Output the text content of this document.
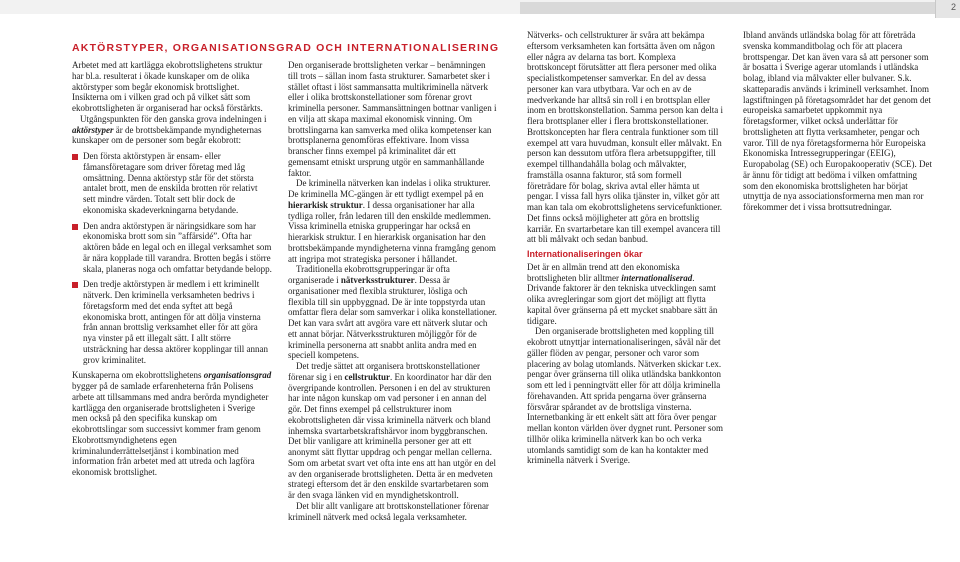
2
AKTÖRSTYPER, ORGANISATIONSGRAD OCH INTERNATIONALISERING

Arbetet med att kartlägga ekobrottslighetens struktur har bl.a. resulterat i ökade kunskaper om de olika aktörstyper som begår ekonomisk brottslighet. Insikterna om i vilken grad och på vilket sätt som ekobrottsligheten är organiserad har också förstärkts.

Utgångspunkten för den ganska grova indelningen i aktörstyper är de brottsbekämpande myndigheternas kunskaper om de personer som begår ekobrott:

Den första aktörstypen är ensam- eller fåmansföretagare som driver företag med låg omsättning. Denna aktörstyp står för det största antalet brott, men de enskilda brotten rör relativt sett mindre värden. Totalt sett blir dock de ekonomiska skadeverkningarna betydande.

Den andra aktörstypen är näringsidkare som har ekonomiska brott som sin ”affärsidé”. Ofta har aktören både en legal och en illegal verksamhet som är nära kopplade till varandra. Brotten begås i större skala, planeras noga och omfattar betydande belopp.

Den tredje aktörstypen är medlem i ett kriminellt nätverk. Den kriminella verksamheten bedrivs i företagsform med det enda syftet att begå ekonomiska brott, antingen för att dölja vinsterna från annan brottslig verksamhet eller för att göra nya vinster på ett illegalt sätt. I allt större utsträckning har dessa aktörer kopplingar till annan grov kriminalitet.

Kunskaperna om ekobrottslighetens organisationsgrad bygger på de samlade erfarenheterna från Polisens arbete att tillsammans med andra berörda myndigheter kartlägga den organiserade brottsligheten i Sverige men också på den specifika kunskap om ekobrottslingar som successivt kommer fram genom Ekobrottsmyndighetens egen kriminalunderrättelsetjänst i kombination med information från arbetet med att utreda och lagföra ekonomisk brottslighet.

Den organiserade brottsligheten verkar – benämningen till trots – sällan inom fasta strukturer. Samarbetet sker i stället oftast i löst sammansatta multikriminella nätverk eller i olika brottskonstellationer som förenar grovt kriminella personer. Sammansättningen bottnar vanligen i en vilja att skapa maximal ekonomisk vinning. Om brottslingarna kan samverka med olika kompetenser kan brottsplanerna genomföras effektivare. Inom vissa branscher finns exempel på kriminalitet där ett gemensamt etniskt ursprung utgör en sammanhållande faktor.

De kriminella nätverken kan indelas i olika strukturer. De kriminella MC-gängen är ett tydligt exempel på en hierarkisk struktur. I dessa organisationer har alla tydliga roller, från ledaren till den enskilde medlemmen. Vissa kriminella etniska grupperingar har också en hierarkisk struktur. I en hierarkisk organisation har den brottsbekämpande myndigheterna vinna framgång genom att ingripa mot strategiska personer i hållandet.

Traditionella ekobrottsgrupperingar är ofta organiserade i nätverksstrukturer. Dessa är organisationer med flexibla strukturer, lösliga och flexibla till sin uppbyggnad. De är inte toppstyrda utan omfattar flera delar som samverkar i olika konstellationer. Det kan vara svårt att avgöra vare ett nätverk slutar och ett annat börjar. Nätverksstrukturen möjliggör för de kriminella personerna att snabbt anlita andra med en speciell kompetens.

Det tredje sättet att organisera brottskonstellationer förenar sig i en cellstruktur. En koordinator har där den övergripande kontrollen. Personen i en del av strukturen har inte någon kunskap om vad personer i en annan del gör. Det finns exempel på cellstrukturer inom ekobrottsligheten där vissa kriminella nätverk och bland inhemska svartarbetskraftshärvor inom byggbranschen. Det blir vanligare att kriminella personer ger att ett anonymt sätt flyttar uppdrag och pengar mellan cellerna. Som om arbetat svart vet ofta inte ens att han utgör en del av den organiserade brottsligheten. Detta är en medveten strategi eftersom det är den enskilde svartarbetaren som är den svaga länken vid en myndighetskontroll.

Det blir allt vanligare att brottskonstellationer förenar kriminell nätverk med också legala verksamheter.

Nätverks- och cellstrukturer är svåra att bekämpa eftersom verksamheten kan fortsätta även om någon eller några av delarna tas bort. Komplexa brottskoncept förutsätter att flera personer med olika specialistkompetenser samverkar. En del av dessa personer kan vara utbytbara. Var och en av de medverkande har alltså sin roll i en brottsplan eller inom en brottskonstellation. Samma person kan delta i flera brottsplaner eller i flera brottskonstellationer. Brottskoncepten har flera centrala funktioner som till exempel att vara huvudman, konsult eller målvakt. En person kan dessutom utföra flera arbetsuppgifter, till exempel tillhandahålla bolag och målvakter, framställa osanna fakturor, stå som formell företrädare för bolag, skriva avtal eller hämta ut pengar. I vissa fall hyrs olika tjänster in, vilket gör att man kan tala om ekobrottslighetens servicefunktioner. Det finns också möjligheter att göra en brottslig karriär. En svartarbetare kan till exempel avancera till att bli målvakt och sedan banbud.

Internationaliseringen ökar

Det är en allmän trend att den ekonomiska brottsligheten blir alltmer internationaliserad. Drivande faktorer är den tekniska utvecklingen samt olika avregleringar som gjort det möjligt att flytta kapital över gränserna på ett mycket snabbare sätt än tidigare.

Den organiserade brottsligheten med koppling till ekobrott utnyttjar internationaliseringen, såväl när det gäller flöden av pengar, personer och varor som placering av bolag utomlands. Nätverken skickar t.ex. pengar över gränserna till olika utländska bankkonton som ett led i penningtvätt eller för att dölja kriminella förehavanden. Att sprida pengarna över gränserna försvårar spårandet av de brottsliga vinsterna. Internetbanking är ett enkelt sätt att föra över pengar mellan konton världen över dygnet runt. Personer som tillhör olika kriminella nätverk kan bo och verka utomlands samtidigt som de kan ha kontakter med kriminella nätverk i Sverige.

Ibland används utländska bolag för att företräda svenska kommanditbolag och för att placera brottspengar. Det kan även vara så att personer som är bosatta i Sverige agerar utomlands i utländska bolag, ibland via målvakter eller bulvaner. S.k. skatteparadis används i kriminell verksamhet. Inom lagstiftningen på företagsområdet har det genom det europeiska samarbetet uppkommit nya företagsformer, vilket också underlättar för brottsligheten att flytta verksamheter, pengar och varor. Till de nya företagsformerna hör Europeiska Ekonomiska Intressegrupperingar (EEIG), Europabolag (SE) och Europakooperativ (SCE). Det är ännu för tidigt att bedöma i vilken omfattning som den ekonomiska brottsligheten har börjat utnyttja de nya associationsformerna men man ror förekommer det i vissa brottsutredningar.
